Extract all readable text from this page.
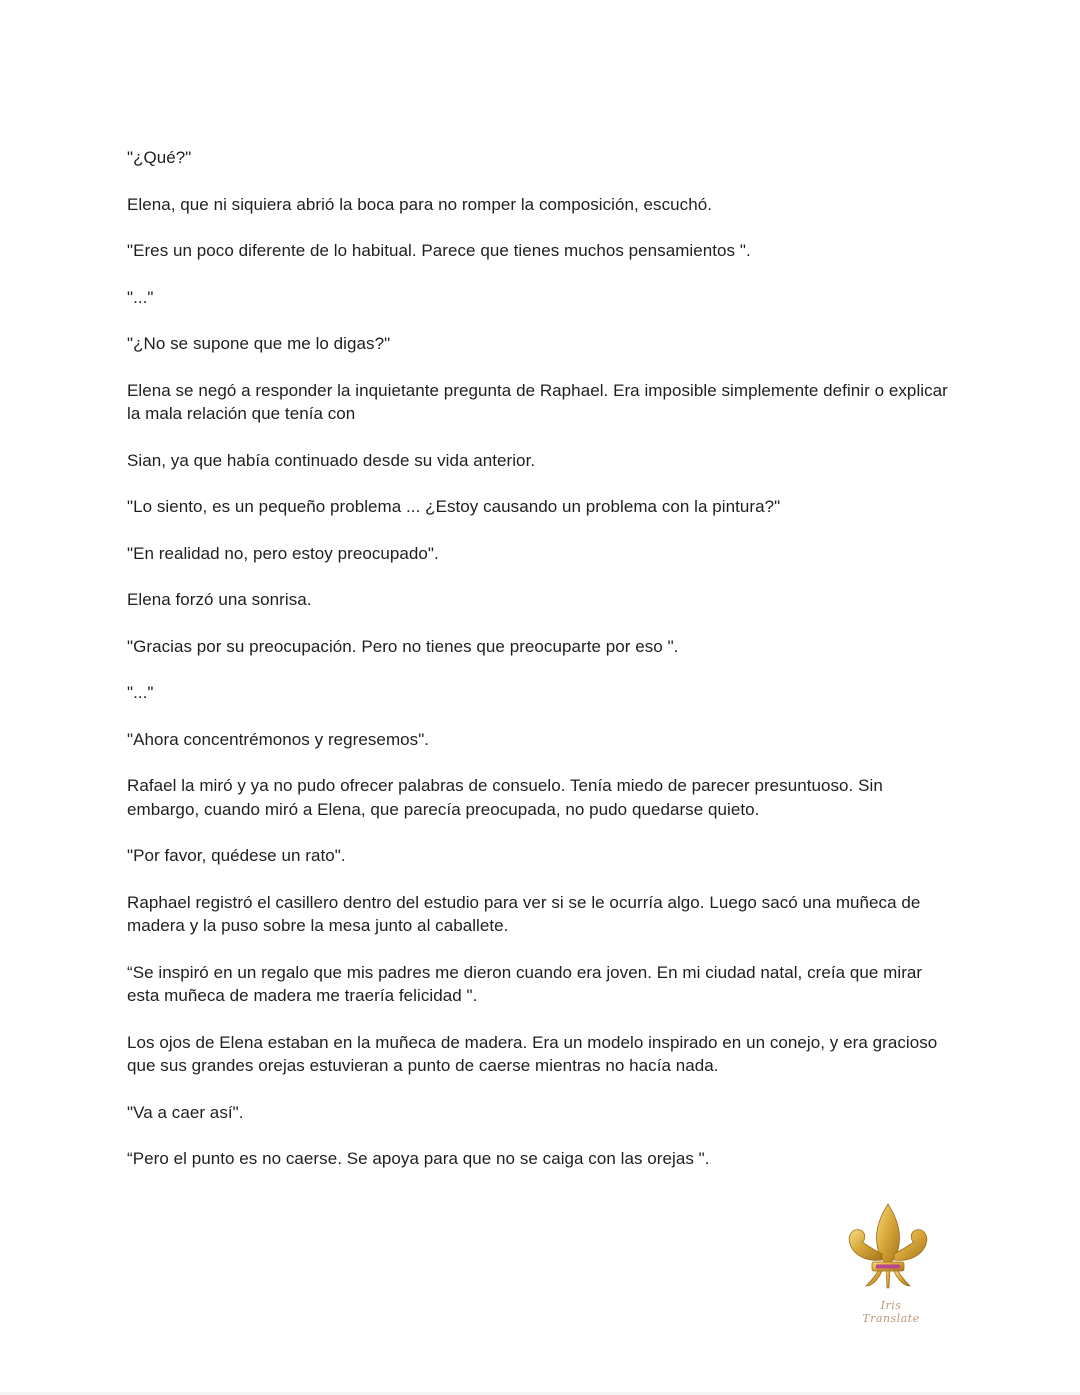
"¿Qué?"

Elena, que ni siquiera abrió la boca para no romper la composición, escuchó.

"Eres un poco diferente de lo habitual. Parece que tienes muchos pensamientos ".

"..."

"¿No se supone que me lo digas?"

Elena se negó a responder la inquietante pregunta de Raphael. Era imposible simplemente definir o explicar la mala relación que tenía con

Sian, ya que había continuado desde su vida anterior.

"Lo siento, es un pequeño problema ... ¿Estoy causando un problema con la pintura?"

"En realidad no, pero estoy preocupado".

Elena forzó una sonrisa.

"Gracias por su preocupación. Pero no tienes que preocuparte por eso ".

"..."

"Ahora concentrémonos y regresemos".

Rafael la miró y ya no pudo ofrecer palabras de consuelo. Tenía miedo de parecer presuntuoso. Sin embargo, cuando miró a Elena, que parecía preocupada, no pudo quedarse quieto.

"Por favor, quédese un rato".

Raphael registró el casillero dentro del estudio para ver si se le ocurría algo. Luego sacó una muñeca de madera y la puso sobre la mesa junto al caballete.

“Se inspiró en un regalo que mis padres me dieron cuando era joven. En mi ciudad natal, creía que mirar esta muñeca de madera me traería felicidad ".

Los ojos de Elena estaban en la muñeca de madera. Era un modelo inspirado en un conejo, y era gracioso que sus grandes orejas estuvieran a punto de caerse mientras no hacía nada.

"Va a caer así".

“Pero el punto es no caerse. Se apoya para que no se caiga con las orejas ".

Iris Translate
